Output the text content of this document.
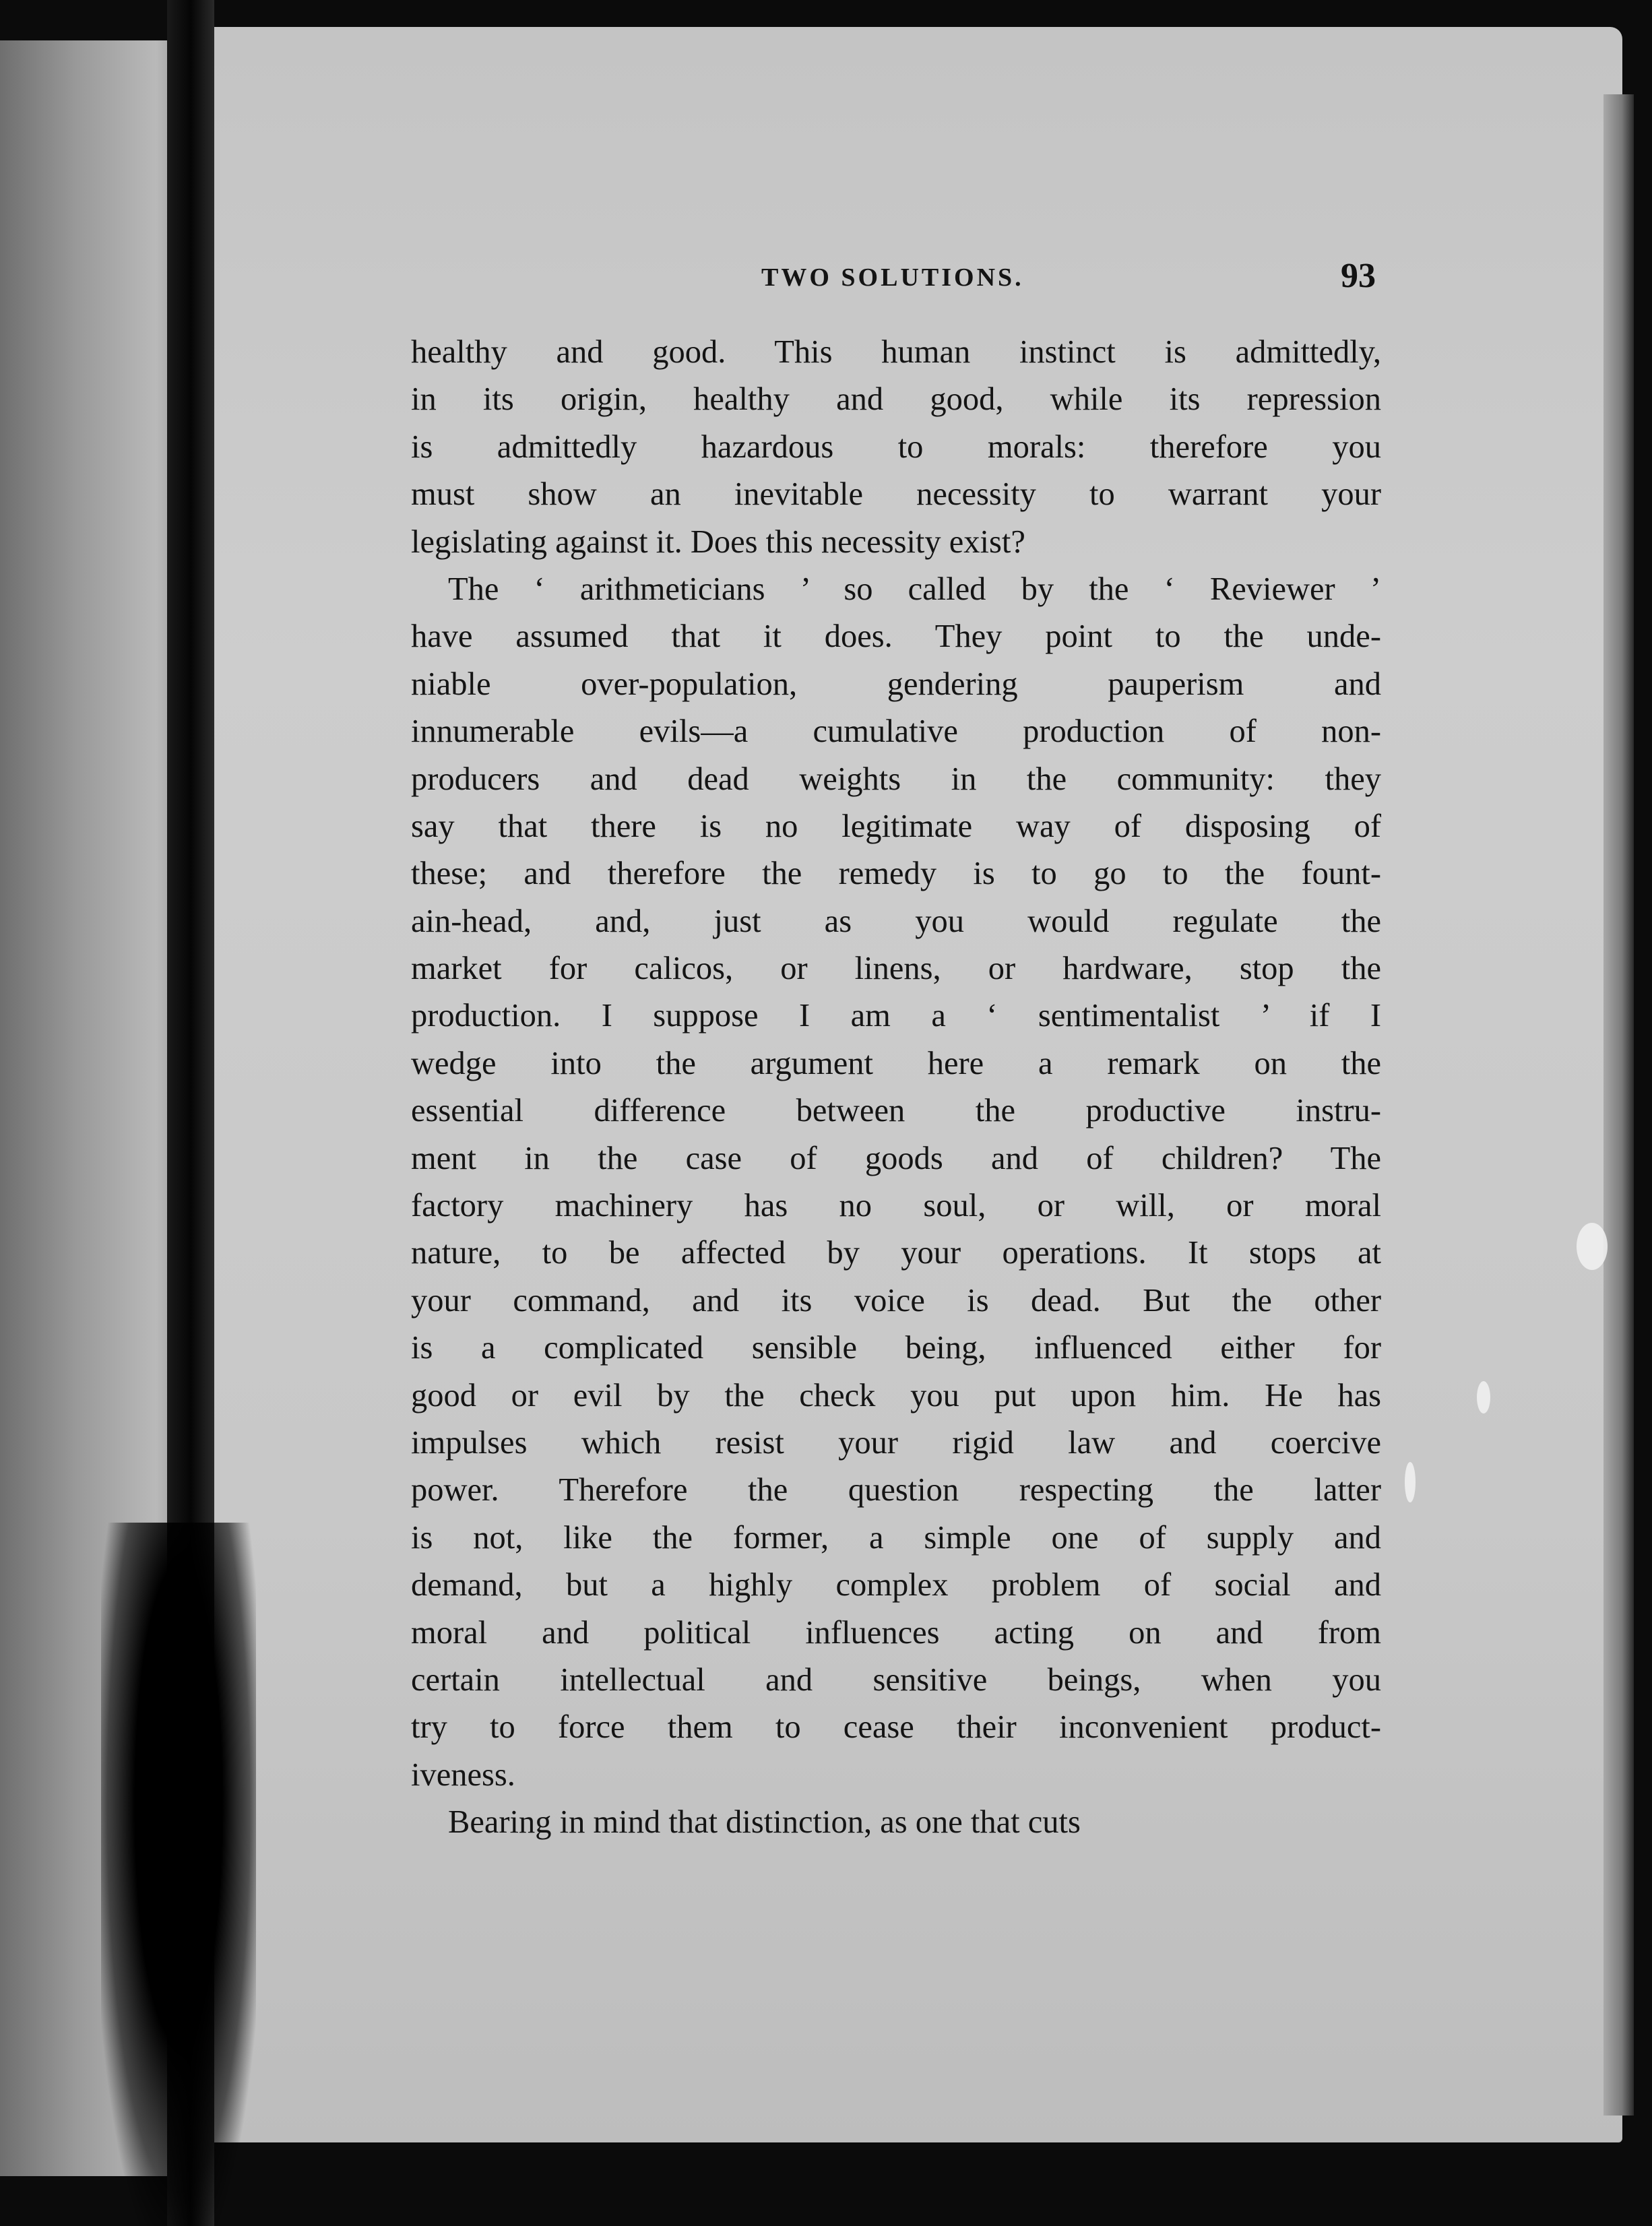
TWO SOLUTIONS.	93
healthy and good. This human instinct is admittedly,
in its origin, healthy and good, while its repression
is admittedly hazardous to morals: therefore you
must show an inevitable necessity to warrant your
legislating against it. Does this necessity exist?
The ‘ arithmeticians ’ so called by the ‘ Reviewer ’
have assumed that it does. They point to the unde-
niable over-population, gendering pauperism and
innumerable evils—a cumulative production of non-
producers and dead weights in the community: they
say that there is no legitimate way of disposing of
these; and therefore the remedy is to go to the fount-
ain-head, and, just as you would regulate the
market for calicos, or linens, or hardware, stop the
production. I suppose I am a ‘ sentimentalist ’ if I
wedge into the argument here a remark on the
essential difference between the productive instru-
ment in the case of goods and of children? The
factory machinery has no soul, or will, or moral
nature, to be affected by your operations. It stops at
your command, and its voice is dead. But the other
is a complicated sensible being, influenced either for
good or evil by the check you put upon him. He has
impulses which resist your rigid law and coercive
power. Therefore the question respecting the latter
is not, like the former, a simple one of supply and
demand, but a highly complex problem of social and
moral and political influences acting on and from
certain intellectual and sensitive beings, when you
try to force them to cease their inconvenient product-
iveness.
Bearing in mind that distinction, as one that cuts
